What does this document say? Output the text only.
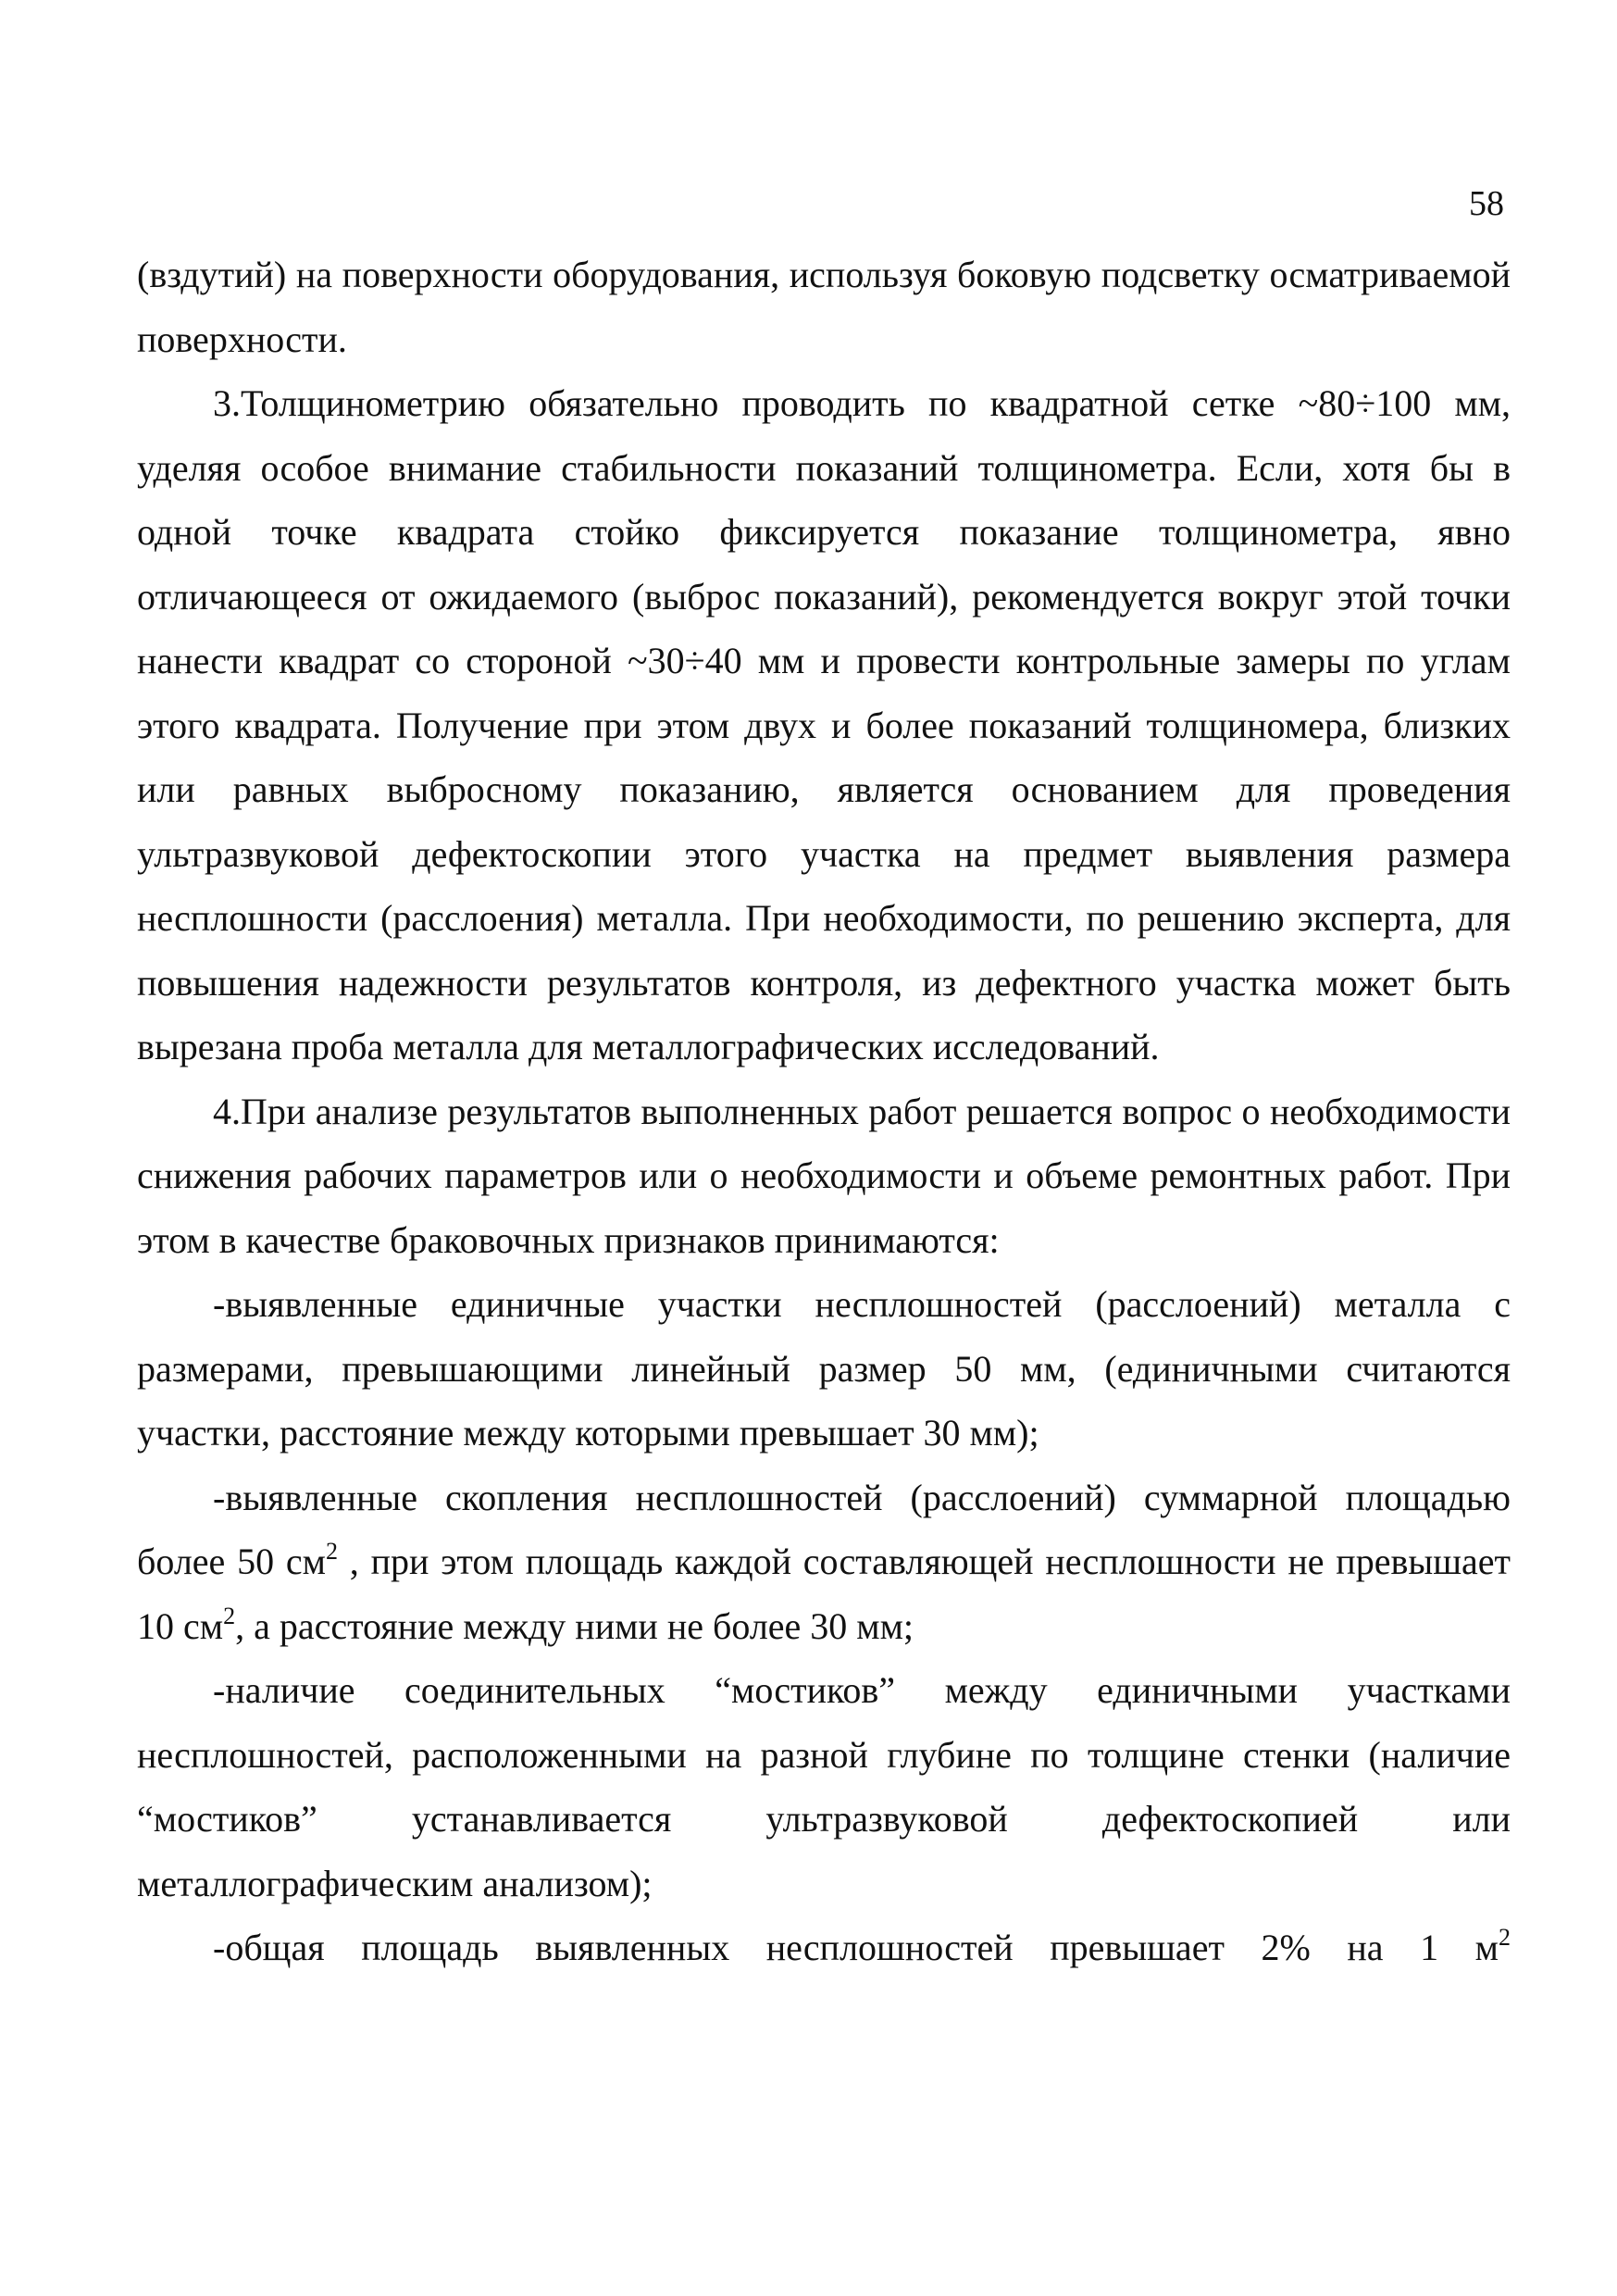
58

(вздутий) на поверхности оборудования, используя боковую подсветку осматриваемой поверхности.

3.Толщинометрию обязательно проводить по квадратной сетке ~80÷100 мм, уделяя особое внимание стабильности показаний толщинометра. Если, хотя бы в одной точке квадрата стойко фиксируется показание толщинометра, явно отличающееся от ожидаемого (выброс показаний), рекомендуется вокруг этой точки нанести квадрат со стороной ~30÷40 мм и провести контрольные замеры по углам этого квадрата. Получение при этом двух и более показаний толщиномера, близких или равных выбросному показанию, является основанием для проведения ультразвуковой дефектоскопии этого участка на предмет выявления размера несплошности (расслоения) металла. При необходимости, по решению эксперта, для повышения надежности результатов контроля, из дефектного участка может быть вырезана проба металла для металлографических исследований.

4.При анализе результатов выполненных работ решается вопрос о необходимости снижения рабочих параметров или о необходимости и объеме ремонтных работ. При этом в качестве браковочных признаков принимаются:

-выявленные единичные участки несплошностей (расслоений) металла с размерами, превышающими линейный размер 50 мм, (единичными считаются участки, расстояние между которыми превышает 30 мм);

-выявленные скопления несплошностей (расслоений) суммарной площадью более 50 $см^2$ , при этом площадь каждой составляющей несплошности не превышает 10 $см^2$, а расстояние между ними не более 30 мм;

-наличие соединительных “мостиков” между единичными участками несплошностей, расположенными на разной глубине по толщине стенки (наличие “мостиков” устанавливается ультразвуковой дефектоскопией или металлографическим анализом);

-общая площадь выявленных несплошностей превышает 2% на 1 $м^2$
